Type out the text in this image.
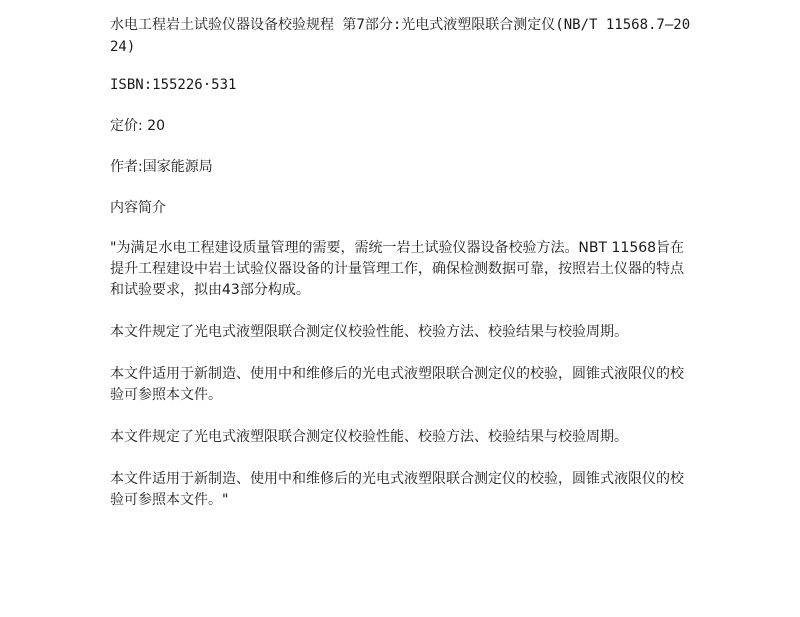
水电工程岩土试验仪器设备校验规程 第7部分:光电式液塑限联合测定仪(NB/T 11568.7—2024)
ISBN:155226·531
定价: 20
作者:国家能源局
内容简介
"为满足水电工程建设质量管理的需要，需统一岩土试验仪器设备校验方法。NBT 11568旨在提升工程建设中岩土试验仪器设备的计量管理工作，确保检测数据可靠，按照岩土仪器的特点和试验要求，拟由43部分构成。
本文件规定了光电式液塑限联合测定仪校验性能、校验方法、校验结果与校验周期。
本文件适用于新制造、使用中和维修后的光电式液塑限联合测定仪的校验，圆锥式液限仪的校验可参照本文件。
本文件规定了光电式液塑限联合测定仪校验性能、校验方法、校验结果与校验周期。
本文件适用于新制造、使用中和维修后的光电式液塑限联合测定仪的校验，圆锥式液限仪的校验可参照本文件。"
